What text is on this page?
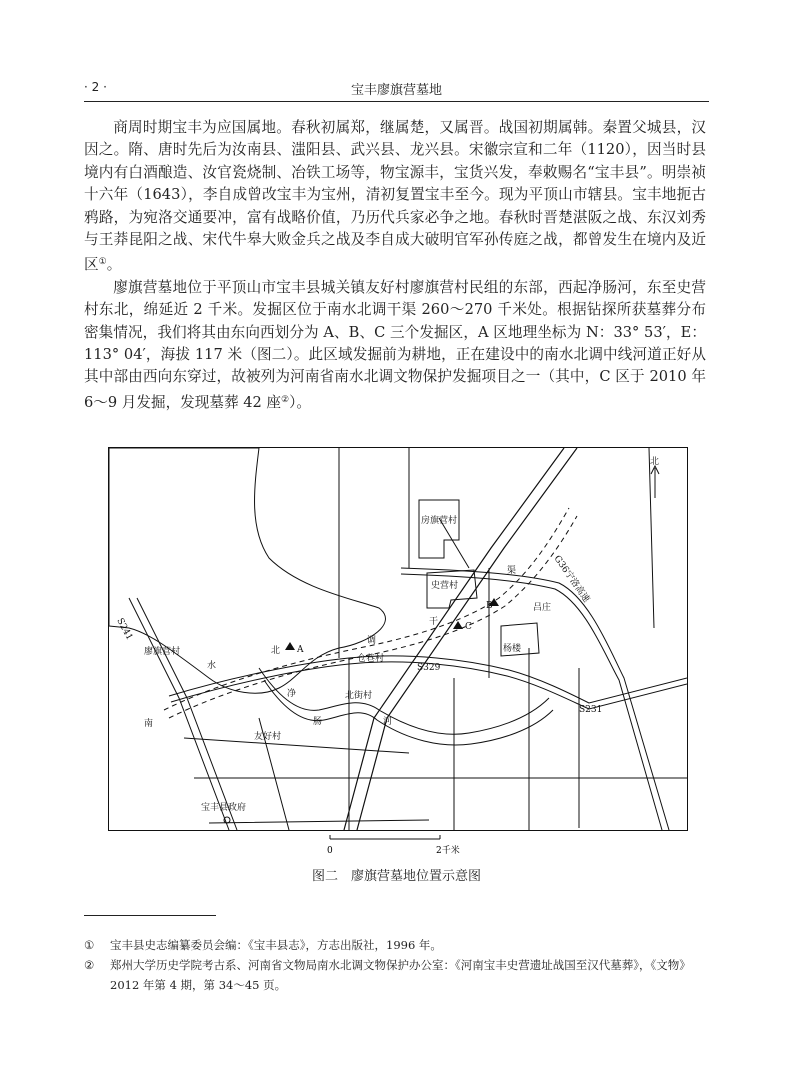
· 2 ·	宝丰廖旗营墓地

商周时期宝丰为应国属地。春秋初属郑，继属楚，又属晋。战国初期属韩。秦置父城县，汉因之。隋、唐时先后为汝南县、滍阳县、武兴县、龙兴县。宋徽宗宣和二年（1120），因当时县境内有白酒酿造、汝官瓷烧制、冶铁工场等，物宝源丰，宝货兴发，奉敕赐名“宝丰县”。明崇祯十六年（1643），李自成曾改宝丰为宝州，清初复置宝丰至今。现为平顶山市辖县。宝丰地扼古鸦路，为宛洛交通要冲，富有战略价值，乃历代兵家必争之地。春秋时晋楚湛阪之战、东汉刘秀与王莽昆阳之战、宋代牛皋大败金兵之战及李自成大破明官军孙传庭之战，都曾发生在境内及近区①。

廖旗营墓地位于平顶山市宝丰县城关镇友好村廖旗营村民组的东部，西起净肠河，东至史营村东北，绵延近 2 千米。发掘区位于南水北调干渠 260～270 千米处。根据钻探所获墓葬分布密集情况，我们将其由东向西划分为 A、B、C 三个发掘区，A 区地理坐标为 N：33° 53′，E：113° 04′，海拔 117 米（图二）。此区域发掘前为耕地，正在建设中的南水北调中线河道正好从其中部由西向东穿过，故被列为河南省南水北调文物保护发掘项目之一（其中，C 区于 2010 年 6～9 月发掘，发现墓葬 42 座②）。

北
A
B
C
房旗营村
史营村
廖旗营村
仓巷村
北街村
友好村
杨楼
吕庄
宝丰县政府
G36宁洛高速
S241
S329
S231
南
水
北
调
干
渠
净
肠	河
0	2千米
图二　廖旗营墓地位置示意图
① 宝丰县史志编纂委员会编：《宝丰县志》，方志出版社，1996 年。
② 郑州大学历史学院考古系、河南省文物局南水北调文物保护办公室：《河南宝丰史营遗址战国至汉代墓葬》，《文物》2012 年第 4 期，第 34～45 页。
